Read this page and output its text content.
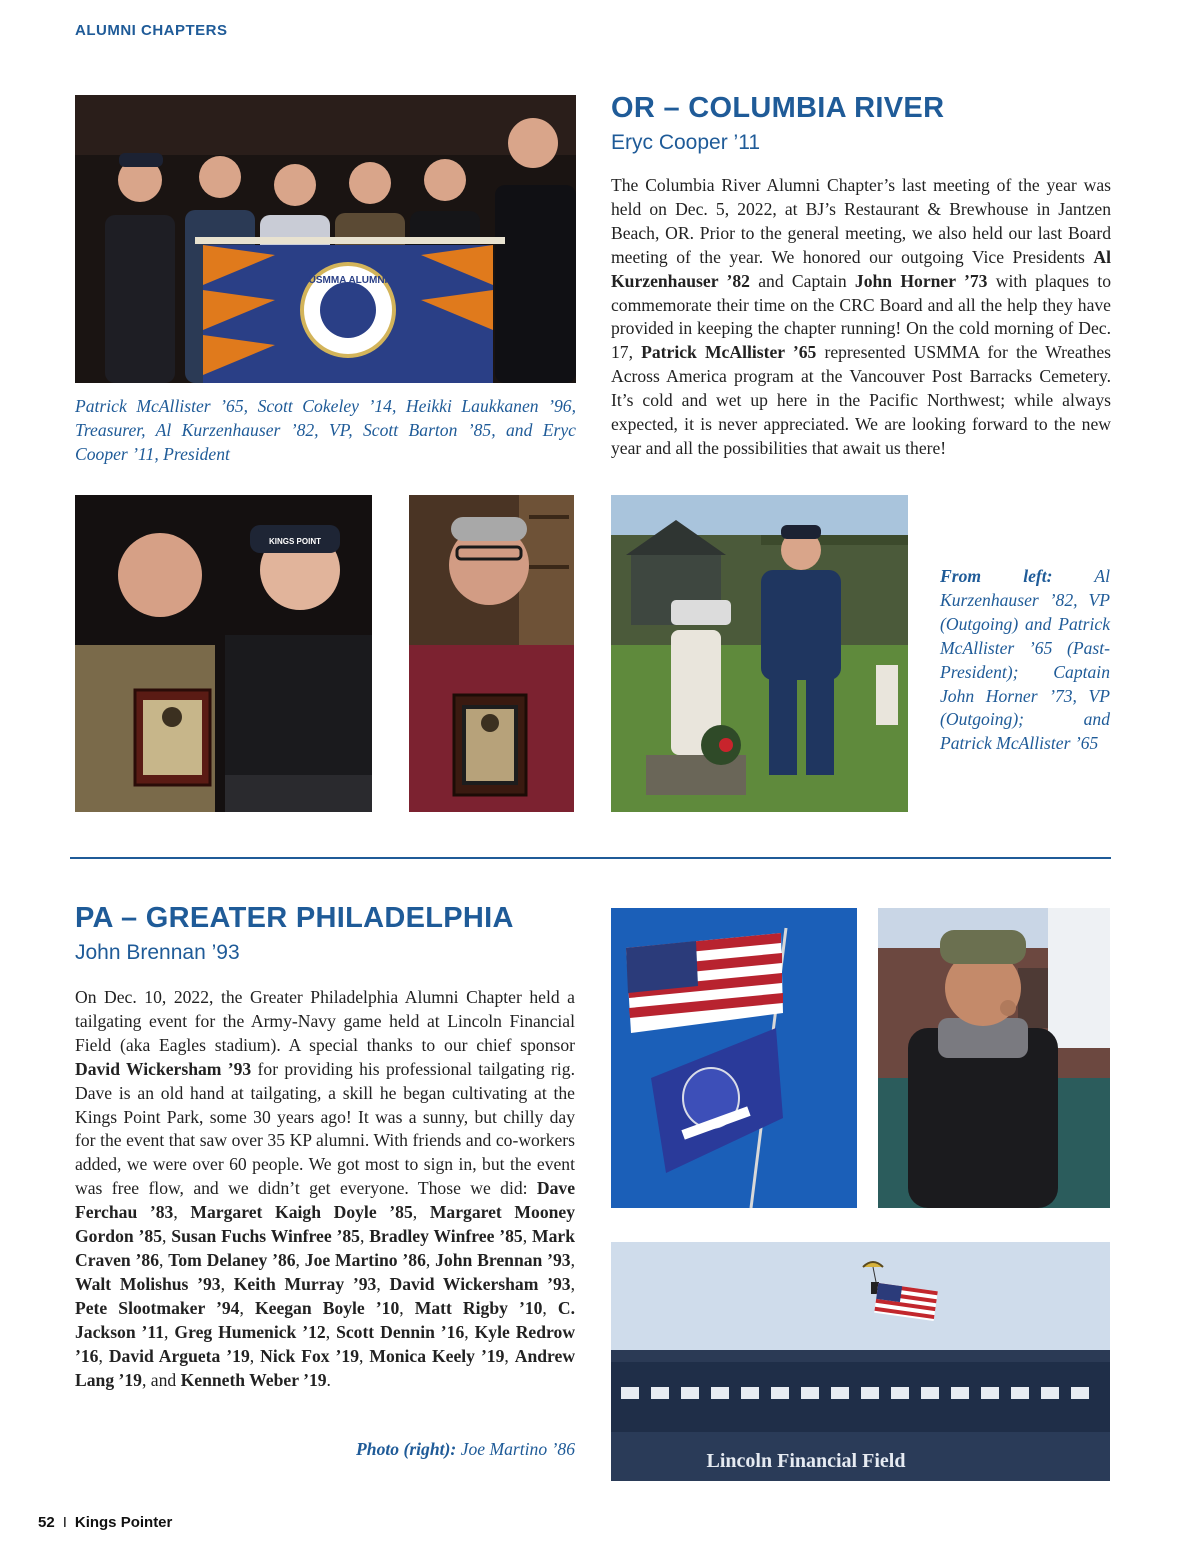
ALUMNI CHAPTERS
USMMA ALUMNI
Patrick McAllister ’65, Scott Cokeley ’14, Heikki Laukkanen ’96, Treasurer, Al Kurzenhauser ’82, VP, Scott Barton ’85, and Eryc Cooper ’11, President
OR – COLUMBIA RIVER
Eryc Cooper ’11
The Columbia River Alumni Chapter’s last meeting of the year was held on Dec. 5, 2022, at BJ’s Restaurant & Brewhouse in Jantzen Beach, OR. Prior to the general meeting, we also held our last Board meeting of the year. We honored our outgoing Vice Presidents Al Kurzenhauser ’82 and Captain John Horner ’73 with plaques to commemorate their time on the CRC Board and all the help they have provided in keeping the chapter running! On the cold morning of Dec. 17, Patrick McAllister ’65 represented USMMA for the Wreathes Across America program at the Vancouver Post Barracks Cemetery. It’s cold and wet up here in the Pacific Northwest; while always expected, it is never appreciated. We are looking forward to the new year and all the possibilities that await us there!
KINGS POINT
From left: Al Kurzenhauser ’82, VP (Outgoing) and Patrick McAllister ’65 (Past-President); Captain John Horner ’73, VP (Outgoing); and Patrick McAllister ’65
PA – GREATER PHILADELPHIA
John Brennan ’93
On Dec. 10, 2022, the Greater Philadelphia Alumni Chapter held a tailgating event for the Army-Navy game held at Lincoln Financial Field (aka Eagles stadium). A special thanks to our chief sponsor David Wickersham ’93 for providing his professional tailgating rig. Dave is an old hand at tailgating, a skill he began cultivating at the Kings Point Park, some 30 years ago! It was a sunny, but chilly day for the event that saw over 35 KP alumni. With friends and co-workers added, we were over 60 people. We got most to sign in, but the event was free flow, and we didn’t get everyone. Those we did: Dave Ferchau ’83, Margaret Kaigh Doyle ’85, Margaret Mooney Gordon ’85, Susan Fuchs Winfree ’85, Bradley Winfree ’85, Mark Craven ’86, Tom Delaney ’86, Joe Martino ’86, John Brennan ’93, Walt Molishus ’93, Keith Murray ’93, David Wickersham ’93, Pete Slootmaker ’94, Keegan Boyle ’10, Matt Rigby ’10, C. Jackson ’11, Greg Humenick ’12, Scott Dennin ’16, Kyle Redrow ’16, David Argueta ’19, Nick Fox ’19, Monica Keely ’19, Andrew Lang ’19, and Kenneth Weber ’19.
Photo (right): Joe Martino ’86
Lincoln Financial Field
52 I Kings Pointer
